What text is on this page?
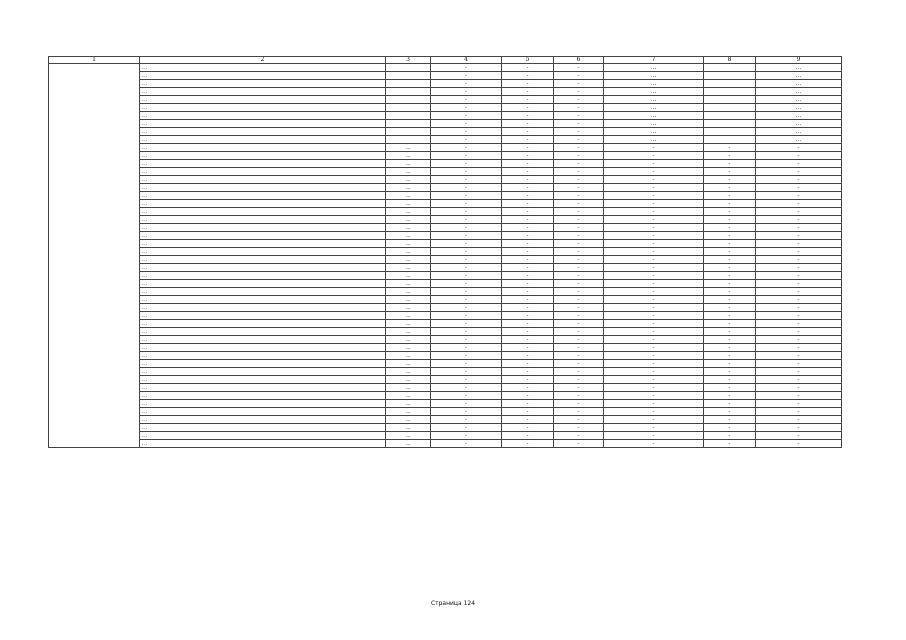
1	2	3	4	5	6	7	8	9
	…		-	-	-	…		…
	…		-	-	-	…		…
	…		-	-	-	…		…
	…		-	-	-	…		…
	…		-	-	-	…		…
	…		-	-	-	…		…
	…		-	-	-	…		…
	…		-	-	-	…		…
	…		-	-	-	…		…
	…		-	-	-	…		…
	…	…	-	-	-	-	-	-
	…	…	-	-	-	-	-	-
	…	…	-	-	-	-	-	-
	…	…	-	-	-	-	-	-
	…	…	-	-	-	-	-	-
	…	…	-	-	-	-	-	-
	…	…	-	-	-	-	-	-
	…	…	-	-	-	-	-	-
	…	…	-	-	-	-	-	-
	…	…	-	-	-	-	-	-
	…	…	-	-	-	-	-	-
	…	…	-	-	-	-	-	-
	…	…	-	-	-	-	-	-
	…	…	-	-	-	-	-	-
	…	…	-	-	-	-	-	-
	…	…	-	-	-	-	-	-
	…	…	-	-	-	-	-	-
	…	…	-	-	-	-	-	-
	…	…	-	-	-	-	-	-
	…	…	-	-	-	-	-	-
	…	…	-	-	-	-	-	-
	…	…	-	-	-	-	-	-
	…	…	-	-	-	-	-	-
	…	…	-	-	-	-	-	-
	…	…	-	-	-	-	-	-
	…	…	-	-	-	-	-	-
	…	…	-	-	-	-	-	-
	…	…	-	-	-	-	-	-
	…	…	-	-	-	-	-	-
	…	…	-	-	-	-	-	-
	…	…	-	-	-	-	-	-
	…	…	-	-	-	-	-	-
	…	…	-	-	-	-	-	-
	…	…	-	-	-	-	-	-
	…	…	-	-	-	-	-	-
	…	…	-	-	-	-	-	-
	…	…	-	-	-	-	-	-
	…	…	-	-	-	-	-	-
Страница 124
